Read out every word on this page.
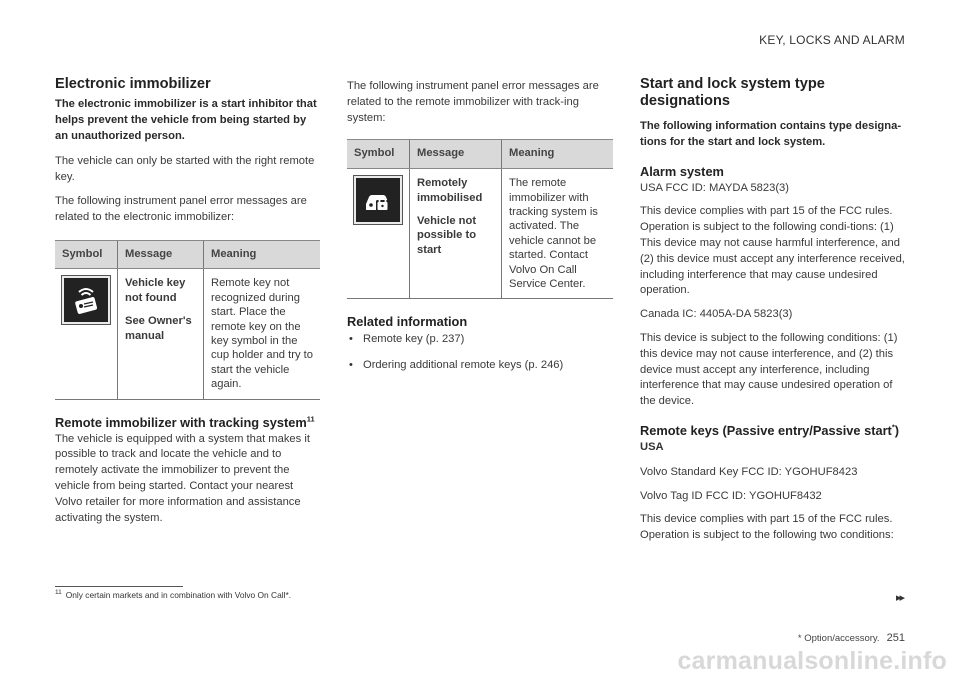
KEY, LOCKS AND ALARM
Electronic immobilizer

The electronic immobilizer is a start inhibitor that helps prevent the vehicle from being started by an unauthorized person.

The vehicle can only be started with the right remote key.

The following instrument panel error messages are related to the electronic immobilizer:

Symbol	Message	Meaning

Vehicle key not found
See Owner's manual	Remote key not recognized during start. Place the remote key on the key symbol in the cup holder and try to start the vehicle again.
Remote immobilizer with tracking system$^{11}$

The vehicle is equipped with a system that makes it possible to track and locate the vehicle and to remotely activate the immobilizer to prevent the vehicle from being started. Contact your nearest Volvo retailer for more information and assistance activating the system.

The following instrument panel error messages are related to the remote immobilizer with track-ing system:

Symbol	Message	Meaning

Remotely immobilised
Vehicle not possible to start	The remote immobilizer with tracking system is activated. The vehicle cannot be started. Contact Volvo On Call Service Center.
Related information
• Remote key (p. 237)
• Ordering additional remote keys (p. 246)
Start and lock system type designations

The following information contains type designa-tions for the start and lock system.

Alarm system

USA FCC ID: MAYDA 5823(3)

This device complies with part 15 of the FCC rules. Operation is subject to the following condi-tions: (1) This device may not cause harmful interference, and (2) this device must accept any interference received, including interference that may cause undesired operation.

Canada IC: 4405A-DA 5823(3)

This device is subject to the following conditions: (1) this device may not cause interference, and (2) this device must accept any interference, including interference that may cause undesired operation of the device.

Remote keys (Passive entry/Passive start*)

USA

Volvo Standard Key FCC ID: YGOHUF8423

Volvo Tag ID FCC ID: YGOHUF8432

This device complies with part 15 of the FCC rules. Operation is subject to the following two conditions:

$^{11}$ Only certain markets and in combination with Volvo On Call*.	▸▸
* Option/accessory. 251
carmanualsonline.info
